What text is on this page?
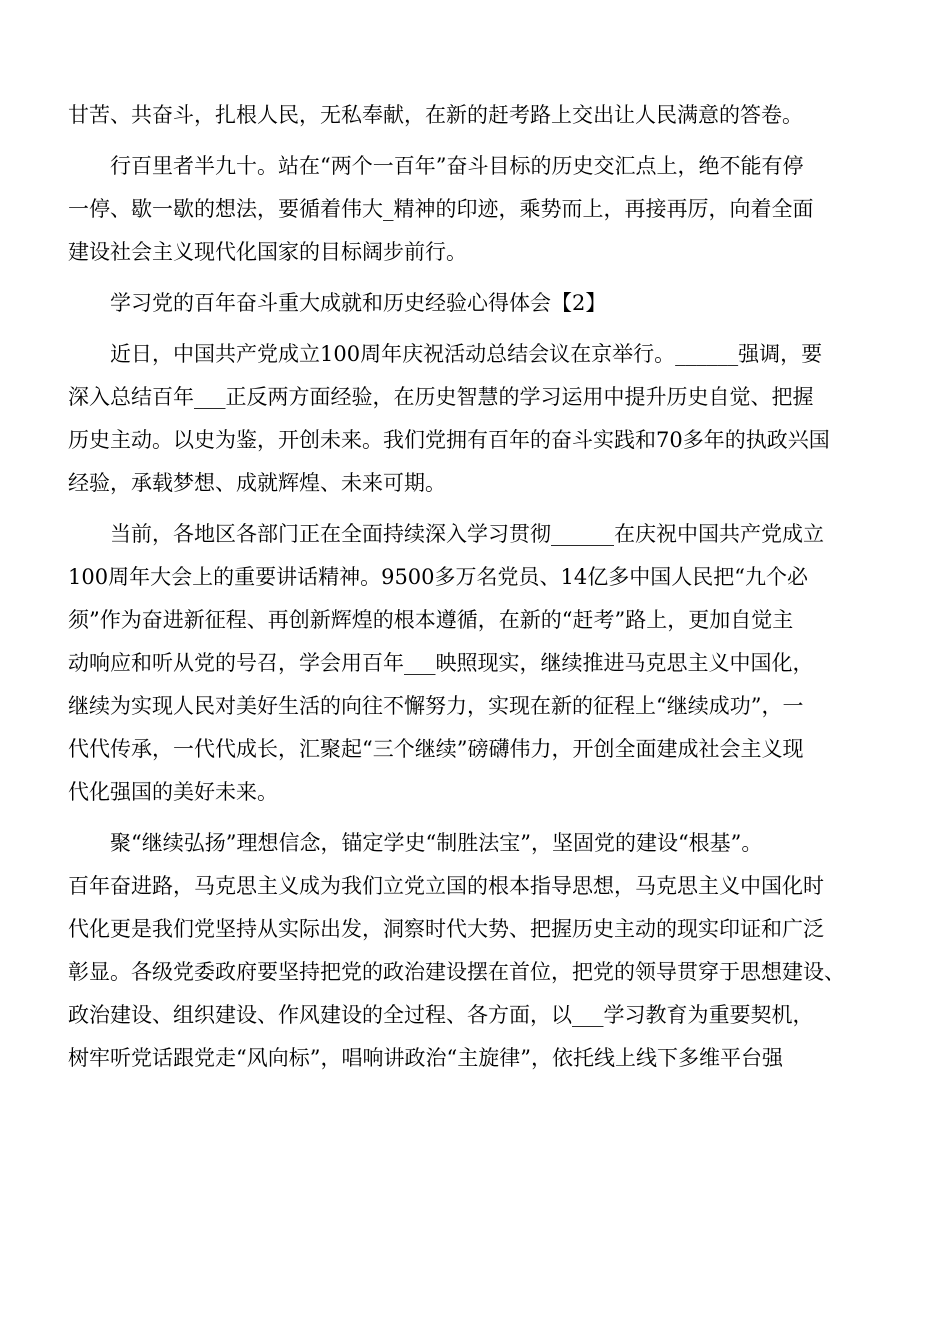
甘苦、共奋斗，扎根人民，无私奉献，在新的赶考路上交出让人民满意的答卷。
行百里者半九十。站在“两个一百年”奋斗目标的历史交汇点上，绝不能有停
一停、歇一歇的想法，要循着伟大_精神的印迹，乘势而上，再接再厉，向着全面
建设社会主义现代化国家的目标阔步前行。
学习党的百年奋斗重大成就和历史经验心得体会【2】
近日，中国共产党成立100周年庆祝活动总结会议在京举行。______强调，要
深入总结百年___正反两方面经验，在历史智慧的学习运用中提升历史自觉、把握
历史主动。以史为鉴，开创未来。我们党拥有百年的奋斗实践和70多年的执政兴国
经验，承载梦想、成就辉煌、未来可期。
当前，各地区各部门正在全面持续深入学习贯彻______在庆祝中国共产党成立
100周年大会上的重要讲话精神。9500多万名党员、14亿多中国人民把“九个必
须”作为奋进新征程、再创新辉煌的根本遵循，在新的“赶考”路上，更加自觉主
动响应和听从党的号召，学会用百年___映照现实，继续推进马克思主义中国化，
继续为实现人民对美好生活的向往不懈努力，实现在新的征程上“继续成功”，一
代代传承，一代代成长，汇聚起“三个继续”磅礴伟力，开创全面建成社会主义现
代化强国的美好未来。
聚“继续弘扬”理想信念，锚定学史“制胜法宝”，坚固党的建设“根基”。
百年奋进路，马克思主义成为我们立党立国的根本指导思想，马克思主义中国化时
代化更是我们党坚持从实际出发，洞察时代大势、把握历史主动的现实印证和广泛
彰显。各级党委政府要坚持把党的政治建设摆在首位，把党的领导贯穿于思想建设、
政治建设、组织建设、作风建设的全过程、各方面，以___学习教育为重要契机，
树牢听党话跟党走“风向标”，唱响讲政治“主旋律”，依托线上线下多维平台强
